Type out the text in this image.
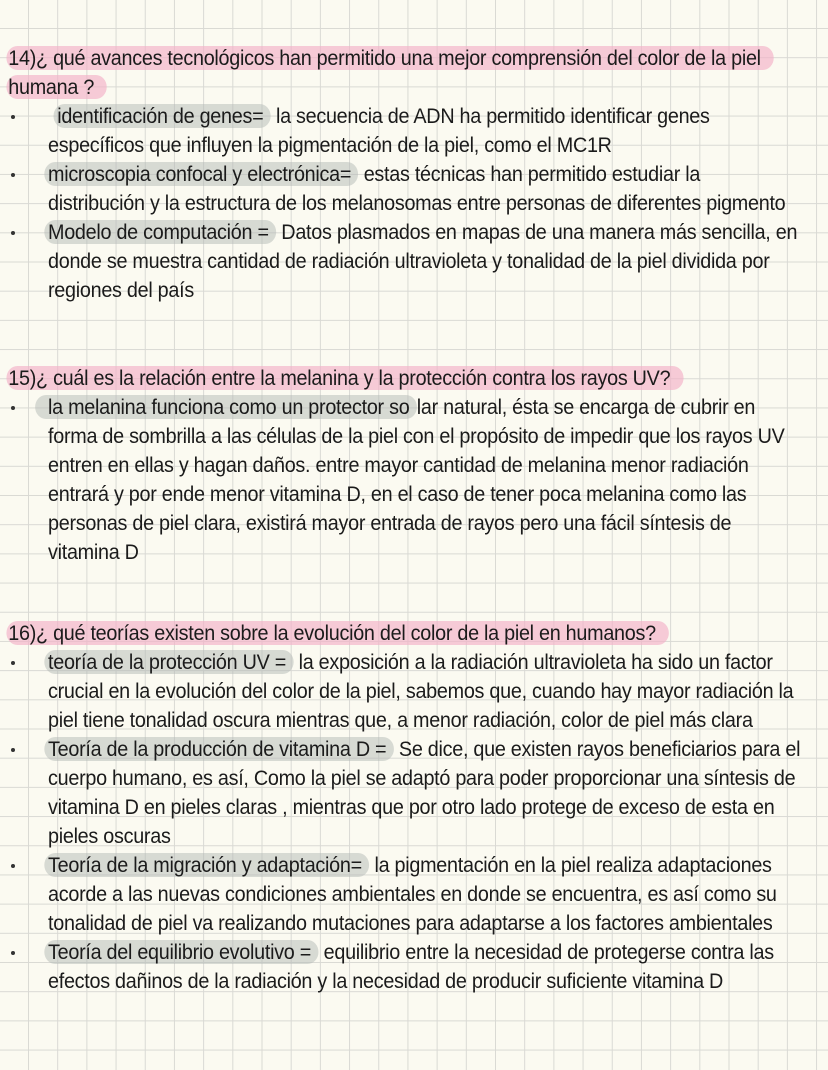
14)¿ qué avances tecnológicos han permitido una mejor comprensión del color de la piel
humana ?
identificación de genes= la secuencia de ADN ha permitido identificar genes
específicos que influyen la pigmentación de la piel, como el MC1R
microscopia confocal y electrónica= estas técnicas han permitido estudiar la
distribución y la estructura de los melanosomas entre personas de diferentes pigmento
Modelo de computación = Datos plasmados en mapas de una manera más sencilla, en
donde se muestra cantidad de radiación ultravioleta y tonalidad de la piel dividida por
regiones del país
15)¿ cuál es la relación entre la melanina y la protección contra los rayos UV?
la melanina funciona como un protector so lar natural, ésta se encarga de cubrir en
forma de sombrilla a las células de la piel con el propósito de impedir que los rayos UV
entren en ellas y hagan daños. entre mayor cantidad de melanina menor radiación
entrará y por ende menor vitamina D, en el caso de tener poca melanina como las
personas de piel clara, existirá mayor entrada de rayos pero una fácil síntesis de
vitamina D
16)¿ qué teorías existen sobre la evolución del color de la piel en humanos?
teoría de la protección UV = la exposición a la radiación ultravioleta ha sido un factor
crucial en la evolución del color de la piel, sabemos que, cuando hay mayor radiación la
piel tiene tonalidad oscura mientras que, a menor radiación, color de piel más clara
Teoría de la producción de vitamina D = Se dice, que existen rayos beneficiarios para el
cuerpo humano, es así, Como la piel se adaptó para poder proporcionar una síntesis de
vitamina D en pieles claras , mientras que por otro lado protege de exceso de esta en
pieles oscuras
Teoría de la migración y adaptación= la pigmentación en la piel realiza adaptaciones
acorde a las nuevas condiciones ambientales en donde se encuentra, es así como su
tonalidad de piel va realizando mutaciones para adaptarse a los factores ambientales
Teoría del equilibrio evolutivo = equilibrio entre la necesidad de protegerse contra las
efectos dañinos de la radiación y la necesidad de producir suficiente vitamina D
